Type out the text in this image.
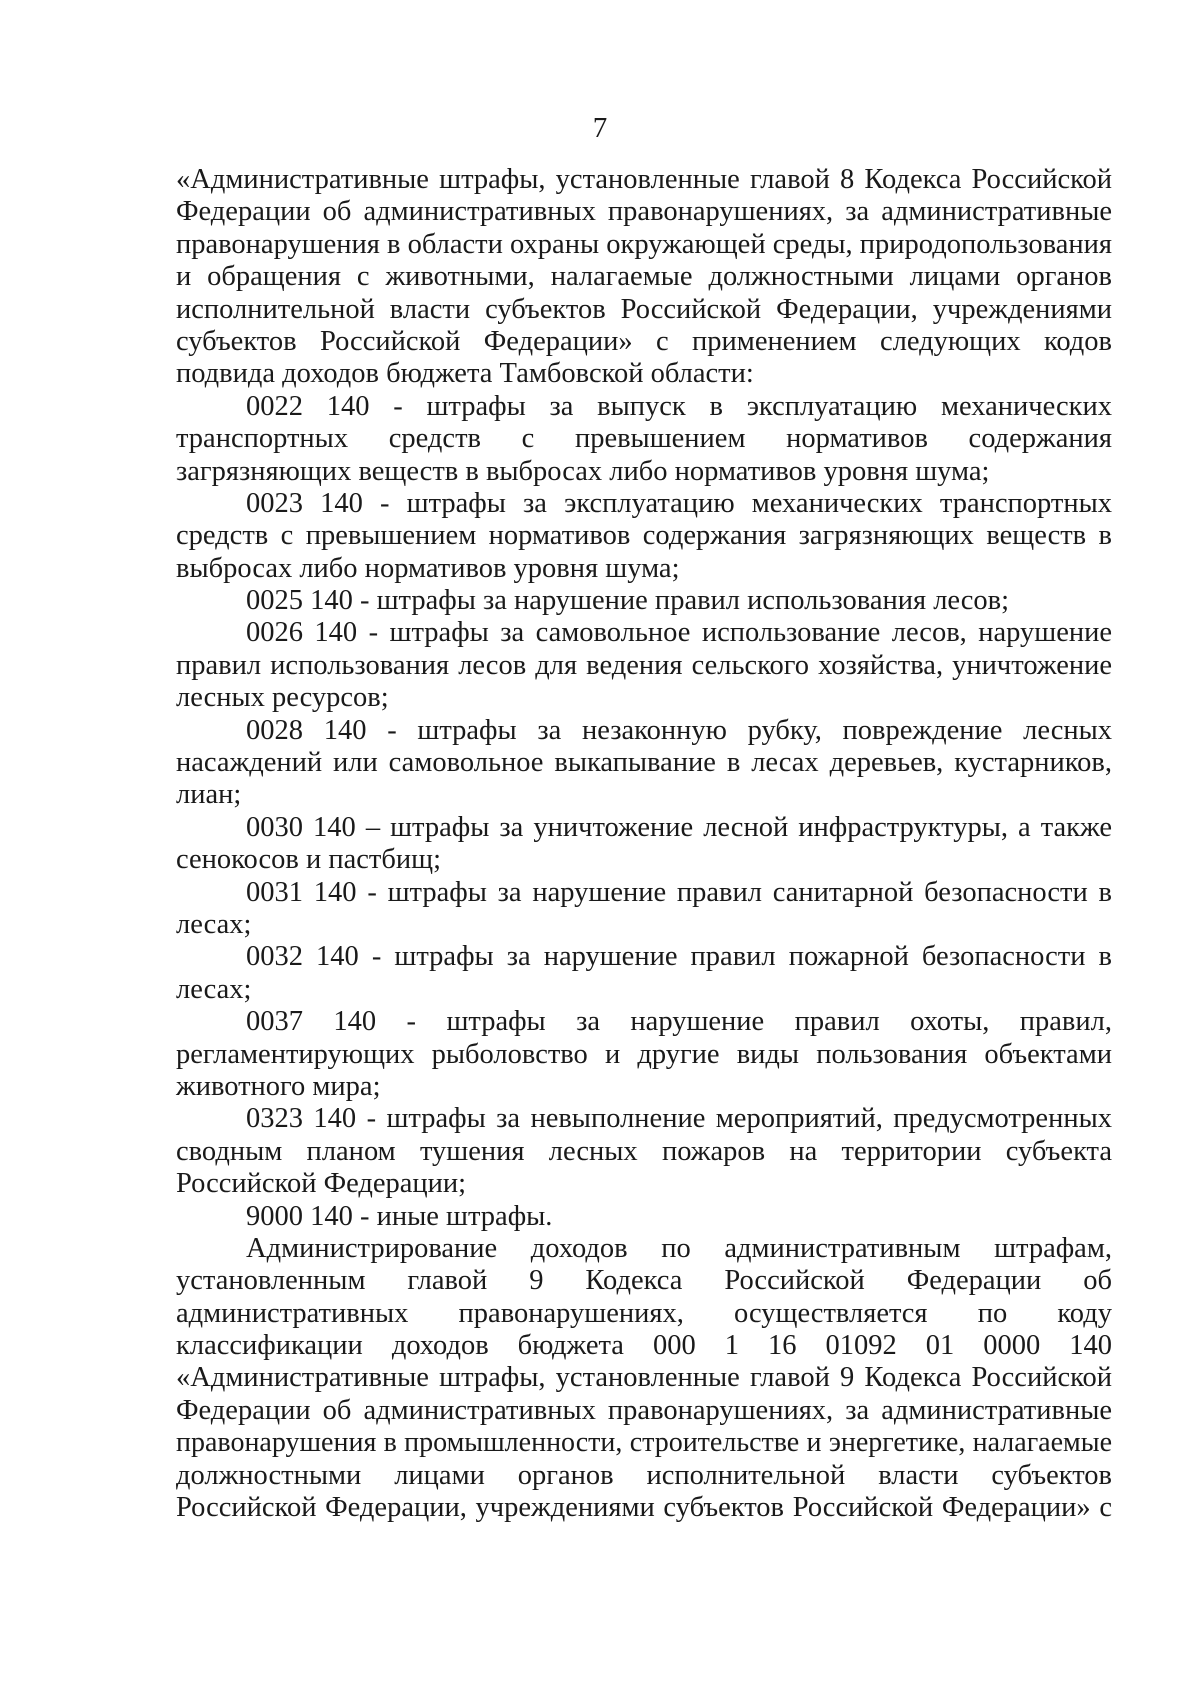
7
«Административные штрафы, установленные главой 8 Кодекса Российской
Федерации об административных правонарушениях, за административные
правонарушения в области охраны окружающей среды, природопользования
и обращения с животными, налагаемые должностными лицами органов
исполнительной власти субъектов Российской Федерации, учреждениями
субъектов Российской Федерации» с применением следующих кодов
подвида доходов бюджета Тамбовской области:
0022 140 - штрафы за выпуск в эксплуатацию механических
транспортных средств с превышением нормативов содержания
загрязняющих веществ в выбросах либо нормативов уровня шума;
0023 140 - штрафы за эксплуатацию механических транспортных
средств с превышением нормативов содержания загрязняющих веществ в
выбросах либо нормативов уровня шума;
0025 140 - штрафы за нарушение правил использования лесов;
0026 140 - штрафы за самовольное использование лесов, нарушение
правил использования лесов для ведения сельского хозяйства, уничтожение
лесных ресурсов;
0028 140 - штрафы за незаконную рубку, повреждение лесных
насаждений или самовольное выкапывание в лесах деревьев, кустарников,
лиан;
0030 140 – штрафы за уничтожение лесной инфраструктуры, а также
сенокосов и пастбищ;
0031 140 - штрафы за нарушение правил санитарной безопасности в
лесах;
0032 140 - штрафы за нарушение правил пожарной безопасности в
лесах;
0037 140 - штрафы за нарушение правил охоты, правил,
регламентирующих рыболовство и другие виды пользования объектами
животного мира;
0323 140 - штрафы за невыполнение мероприятий, предусмотренных
сводным планом тушения лесных пожаров на территории субъекта
Российской Федерации;
9000 140 - иные штрафы.
Администрирование доходов по административным штрафам,
установленным главой 9 Кодекса Российской Федерации об
административных правонарушениях, осуществляется по коду
классификации доходов бюджета 000 1 16 01092 01 0000 140
«Административные штрафы, установленные главой 9 Кодекса Российской
Федерации об административных правонарушениях, за административные
правонарушения в промышленности, строительстве и энергетике, налагаемые
должностными лицами органов исполнительной власти субъектов
Российской Федерации, учреждениями субъектов Российской Федерации» с
